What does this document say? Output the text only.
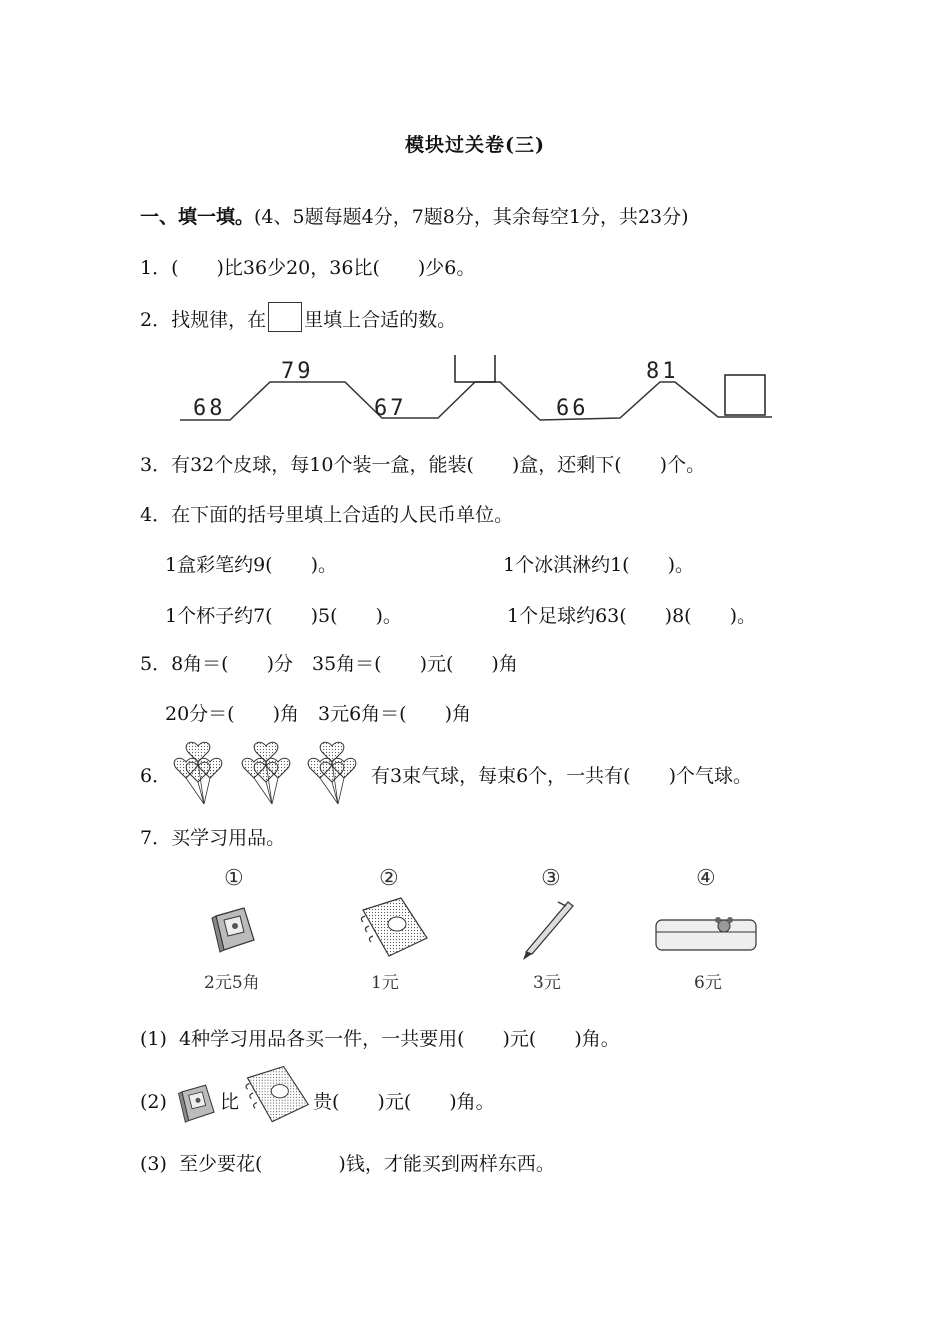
模块过关卷(三)
一、填一填。(4、5题每题4分，7题8分，其余每空1分，共23分)
1．(　　)比36少20，36比(　　)少6。
2．找规律，在 里填上合适的数。
68
79
67	66
81
3．有32个皮球，每10个装一盒，能装(　　)盒，还剩下(　　)个。
4．在下面的括号里填上合适的人民币单位。
1盒彩笔约9(　　)。	1个冰淇淋约1(　　)。
1个杯子约7(　　)5(　　)。	1个足球约63(　　)8(　　)。
5．8角＝(　　)分　35角＝(　　)元(　　)角
20分＝(　　)角　3元6角＝(　　)角
6．	有3束气球，每束6个，一共有(　　)个气球。
7．买学习用品。
①	②	③	④
2元5角	1元	3元	6元
(1) 4种学习用品各买一件，一共要用(　　)元(　　)角。
(2)	比	贵(　　)元(　　)角。
(3) 至少要花(　　　　)钱，才能买到两样东西。
